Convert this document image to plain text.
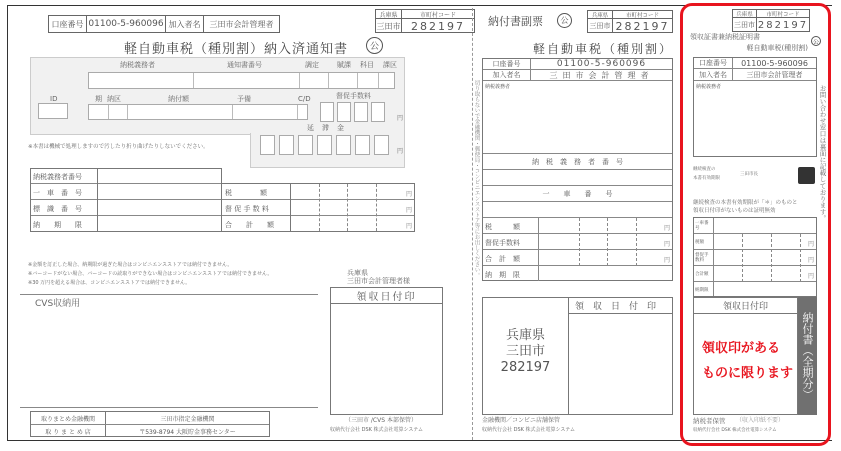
口座番号 01100-5-960096 加入者名	三田市会計管理者
兵庫県	市町村コード
三田市 282197
軽自動車税（種別割）納入済通知書	公
納税義務者	通知書番号	調定	賦課 科目 課区
ID	期 納区	納付額	予備	C/D	督促手数料
円
延滞金
円
※本書は機械で処理しますので汚したり折り曲げたりしないでください。
納税義務者番号
一　車　番　号
標　識　番　号
納　　期　　限
税　　　　額	円
督 促 手 数 料	円
合　　計　　額	円
※金額を訂正した場合、納期限が過ぎた場合はコンビニエンスストアでは納付できません。
※バーコードがない場合、バーコードの読取りができない場合はコンビニエンスストアでは納付できません。
※30 万円を超える場合は、コンビニエンスストアでは納付できません。
CVS収納用
兵庫県
三田市会計管理者様
領収日付印
（三田市 /CVS 本部保管）
収納代行会社 DSK 株式会社電算システム
取りまとめ金融機関	三田市指定金融機関
取 り ま と め 店	〒539-8794 大阪貯金事務センター
切り取らないで金融機関・郵便局・コンビニエンスストア等にお出しください。
納付書副票	公
兵庫県	市町村コード
三田市 282197
軽自動車税（種別割）
口座番号	01100-5-960096
加入者名	三田市会計管理者
納税義務者
納　税　義　務　者　番　号
一　　車　　番　　号
税　　　額	円
督促手数料	円
合　計　額	円
納　期　限
領収日付印
兵庫県
三田市
282197
金融機関／コンビニ店舗保管
収納代行会社 DSK 株式会社電算システム
兵庫県	市町村コード
三田市 282197
領収証書兼納税証明書
軽自動車税(種別割)
公
口座番号	01100-5-960096
加入者名	三田市会計管理者
納税義務者	お問い合わせ窓口は裏面に記載しております。
継続検査の
本書有効期限
三田市長
継続検査の本書有効期限が「＊」のものと
領収日付印がないものは証明無効
一車番号
税額	円
督促手数料	円
合計額	円
納期限
領収日付印
納付書（全期分）
領収印がある
ものに限ります
納税者保管 （収入印紙不要）
収納代行会社 DSK 株式会社電算システム
